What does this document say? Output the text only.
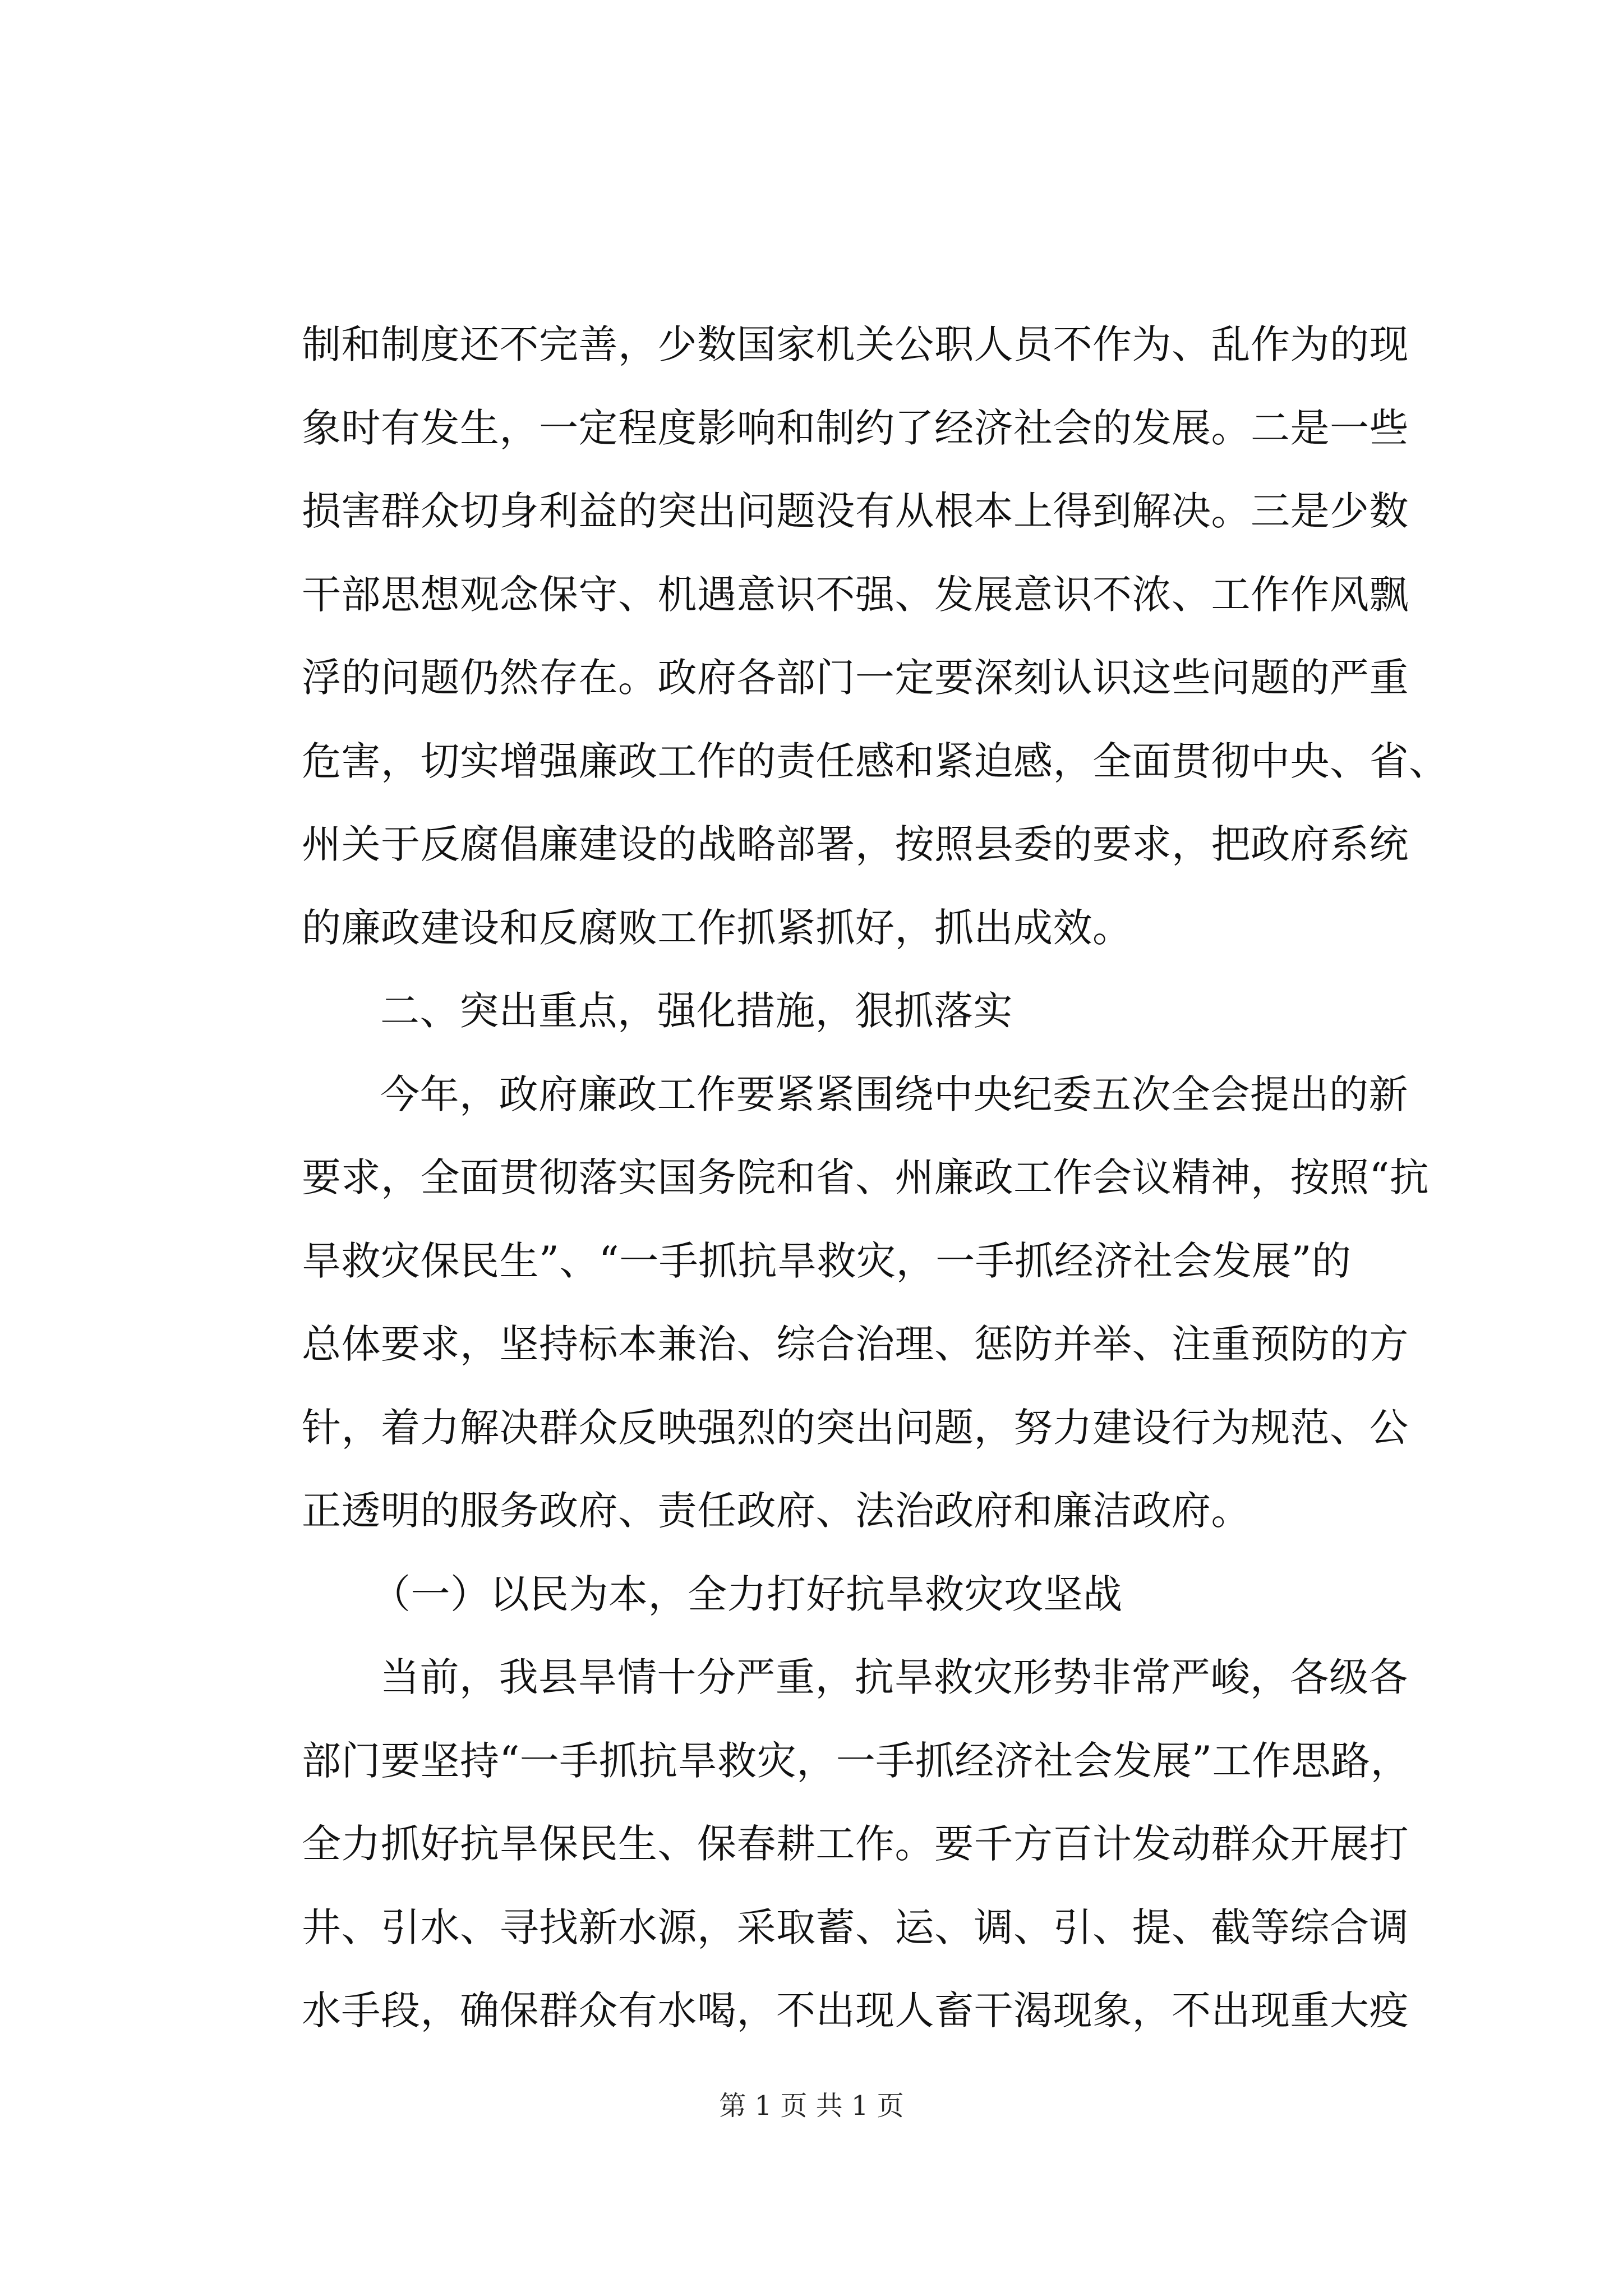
制和制度还不完善，少数国家机关公职人员不作为、乱作为的现
象时有发生，一定程度影响和制约了经济社会的发展。二是一些
损害群众切身利益的突出问题没有从根本上得到解决。三是少数
干部思想观念保守、机遇意识不强、发展意识不浓、工作作风飘
浮的问题仍然存在。政府各部门一定要深刻认识这些问题的严重
危害，切实增强廉政工作的责任感和紧迫感，全面贯彻中央、省、
州关于反腐倡廉建设的战略部署，按照县委的要求，把政府系统
的廉政建设和反腐败工作抓紧抓好，抓出成效。
二、突出重点，强化措施，狠抓落实
今年，政府廉政工作要紧紧围绕中央纪委五次全会提出的新
要求，全面贯彻落实国务院和省、州廉政工作会议精神，按照“抗
旱救灾保民生”、“一手抓抗旱救灾，一手抓经济社会发展”的
总体要求，坚持标本兼治、综合治理、惩防并举、注重预防的方
针，着力解决群众反映强烈的突出问题，努力建设行为规范、公
正透明的服务政府、责任政府、法治政府和廉洁政府。
（一）以民为本，全力打好抗旱救灾攻坚战
当前，我县旱情十分严重，抗旱救灾形势非常严峻，各级各
部门要坚持“一手抓抗旱救灾，一手抓经济社会发展”工作思路，
全力抓好抗旱保民生、保春耕工作。要千方百计发动群众开展打
井、引水、寻找新水源，采取蓄、运、调、引、提、截等综合调
水手段，确保群众有水喝，不出现人畜干渴现象，不出现重大疫
第 1 页 共 1 页
